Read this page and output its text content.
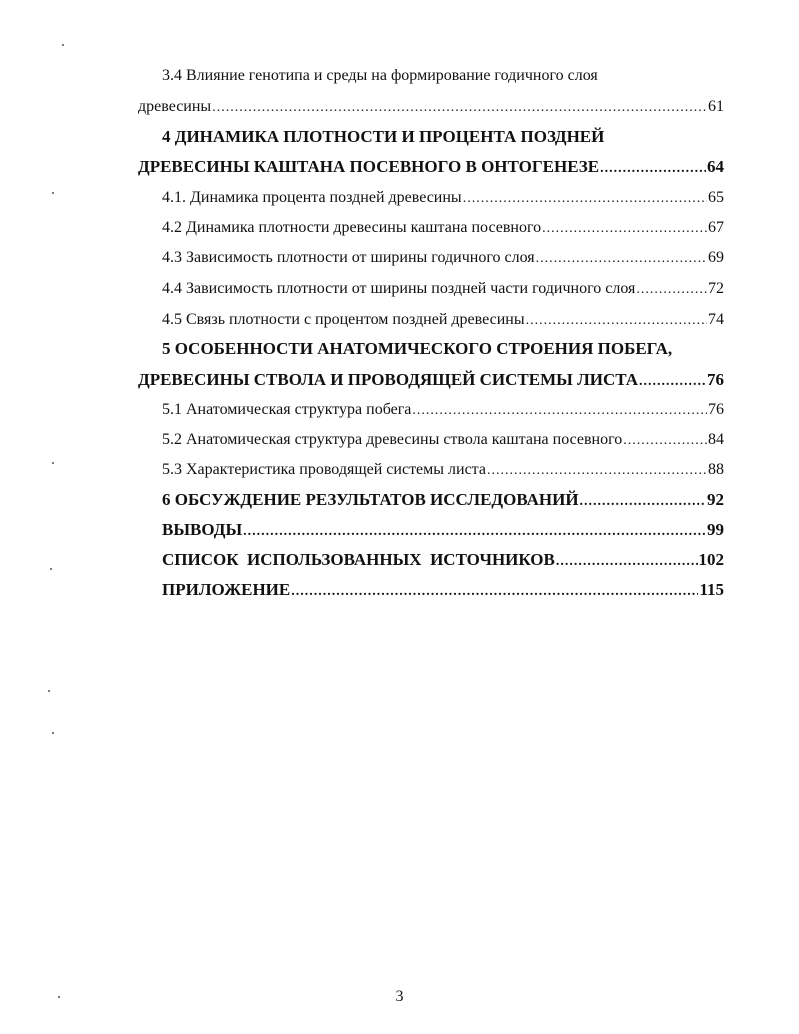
3.4 Влияние генотипа и среды на формирование годичного слоя
древесины .....	61
4 ДИНАМИКА ПЛОТНОСТИ И ПРОЦЕНТА ПОЗДНЕЙ
ДРЕВЕСИНЫ КАШТАНА ПОСЕВНОГО В ОНТОГЕНЕЗЕ .....	64
4.1. Динамика процента поздней древесины .....	65
4.2 Динамика плотности древесины каштана посевного .....	67
4.3 Зависимость плотности от ширины годичного слоя .....	69
4.4 Зависимость плотности от ширины поздней части годичного слоя .....	72
4.5 Связь плотности с процентом поздней древесины .....	74
5 ОСОБЕННОСТИ АНАТОМИЧЕСКОГО СТРОЕНИЯ ПОБЕГА,
ДРЕВЕСИНЫ СТВОЛА И ПРОВОДЯЩЕЙ СИСТЕМЫ ЛИСТА .....	76
5.1 Анатомическая структура побега .....	76
5.2 Анатомическая структура древесины ствола каштана посевного .....	84
5.3 Характеристика проводящей системы листа .....	88
6 ОБСУЖДЕНИЕ РЕЗУЛЬТАТОВ ИССЛЕДОВАНИЙ .....	92
ВЫВОДЫ .....	99
СПИСОК  ИСПОЛЬЗОВАННЫХ  ИСТОЧНИКОВ .....	102
ПРИЛОЖЕНИЕ .....	115
3
